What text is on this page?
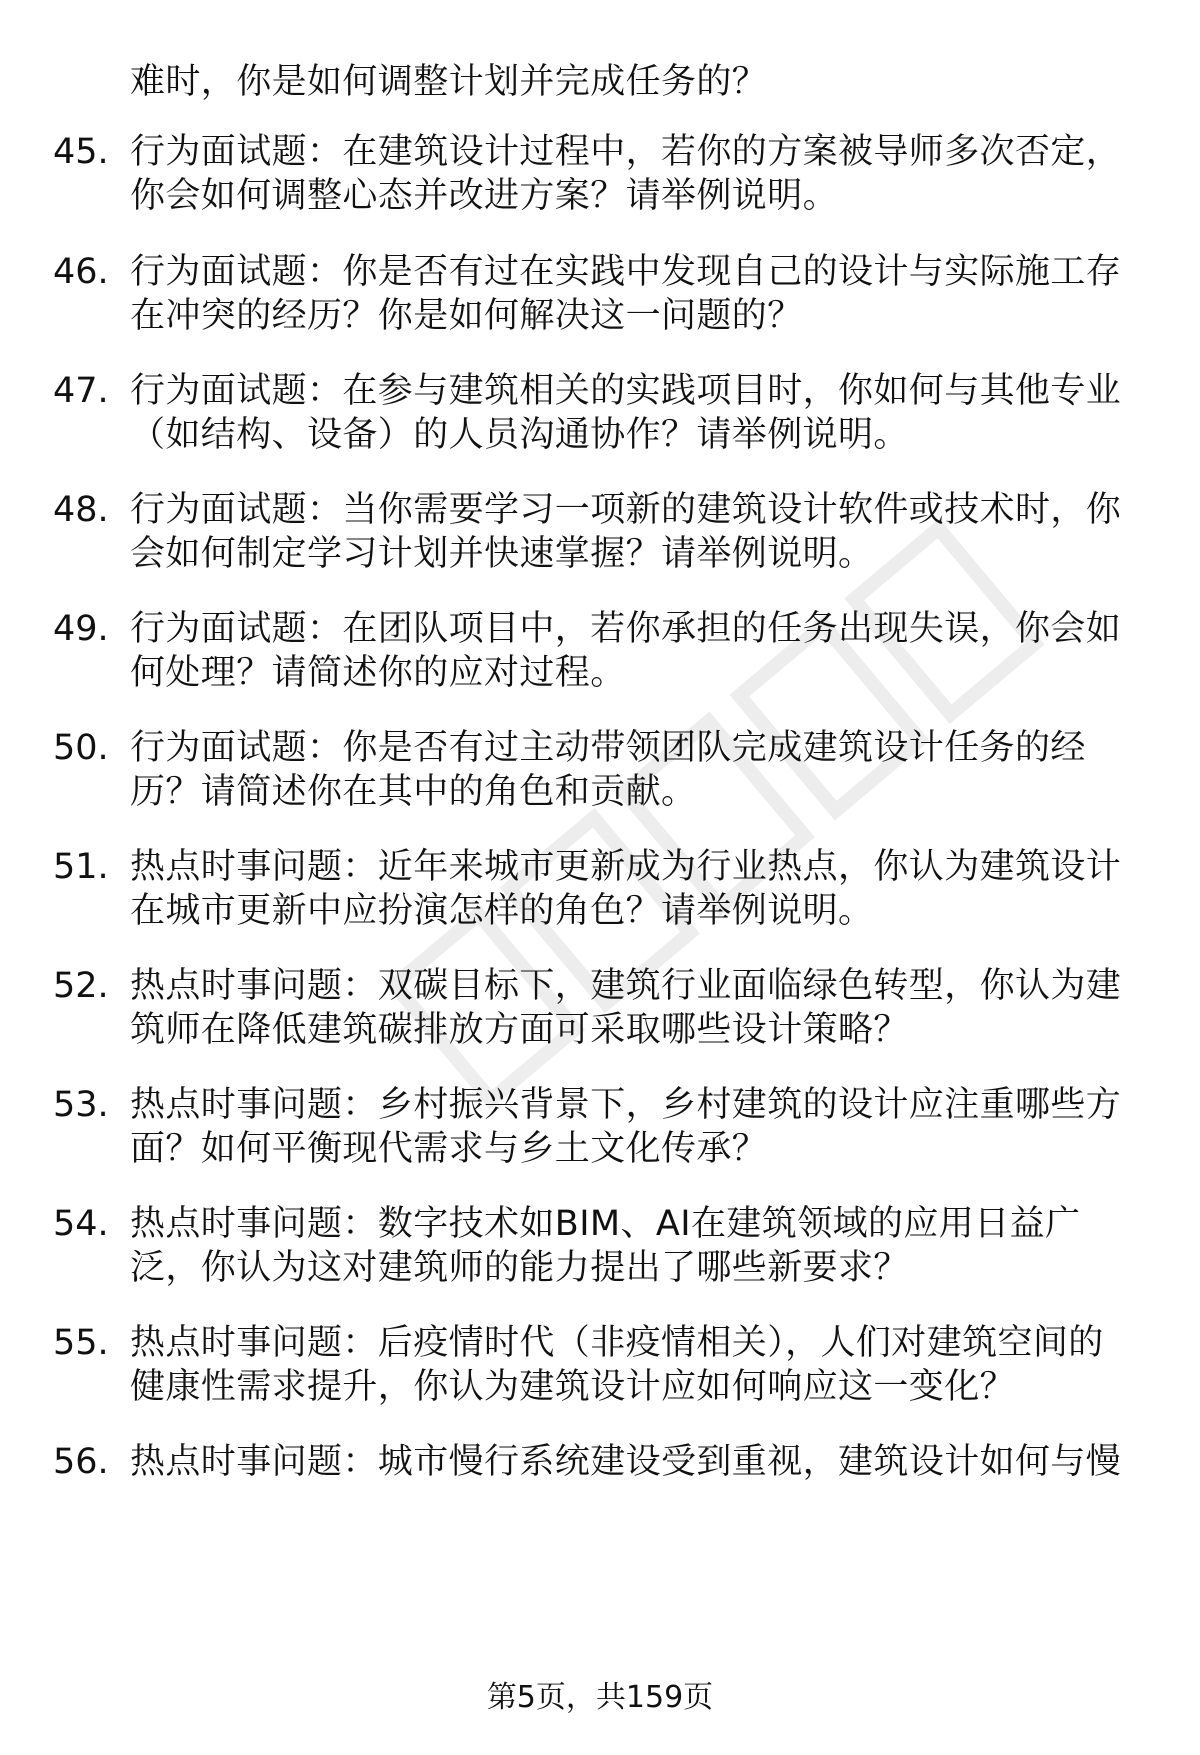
难时，你是如何调整计划并完成任务的？
45. 行为面试题：在建筑设计过程中，若你的方案被导师多次否定，
你会如何调整心态并改进方案？请举例说明。
46. 行为面试题：你是否有过在实践中发现自己的设计与实际施工存
在冲突的经历？你是如何解决这一问题的？
47. 行为面试题：在参与建筑相关的实践项目时，你如何与其他专业
（如结构、设备）的人员沟通协作？请举例说明。
48. 行为面试题：当你需要学习一项新的建筑设计软件或技术时，你
会如何制定学习计划并快速掌握？请举例说明。
49. 行为面试题：在团队项目中，若你承担的任务出现失误，你会如
何处理？请简述你的应对过程。
50. 行为面试题：你是否有过主动带领团队完成建筑设计任务的经
历？请简述你在其中的角色和贡献。
51. 热点时事问题：近年来城市更新成为行业热点，你认为建筑设计
在城市更新中应扮演怎样的角色？请举例说明。
52. 热点时事问题：双碳目标下，建筑行业面临绿色转型，你认为建
筑师在降低建筑碳排放方面可采取哪些设计策略？
53. 热点时事问题：乡村振兴背景下，乡村建筑的设计应注重哪些方
面？如何平衡现代需求与乡土文化传承？
54. 热点时事问题：数字技术如BIM、AI在建筑领域的应用日益广
泛，你认为这对建筑师的能力提出了哪些新要求？
55. 热点时事问题：后疫情时代（非疫情相关），人们对建筑空间的
健康性需求提升，你认为建筑设计应如何响应这一变化？
56. 热点时事问题：城市慢行系统建设受到重视，建筑设计如何与慢
第5页，共159页
